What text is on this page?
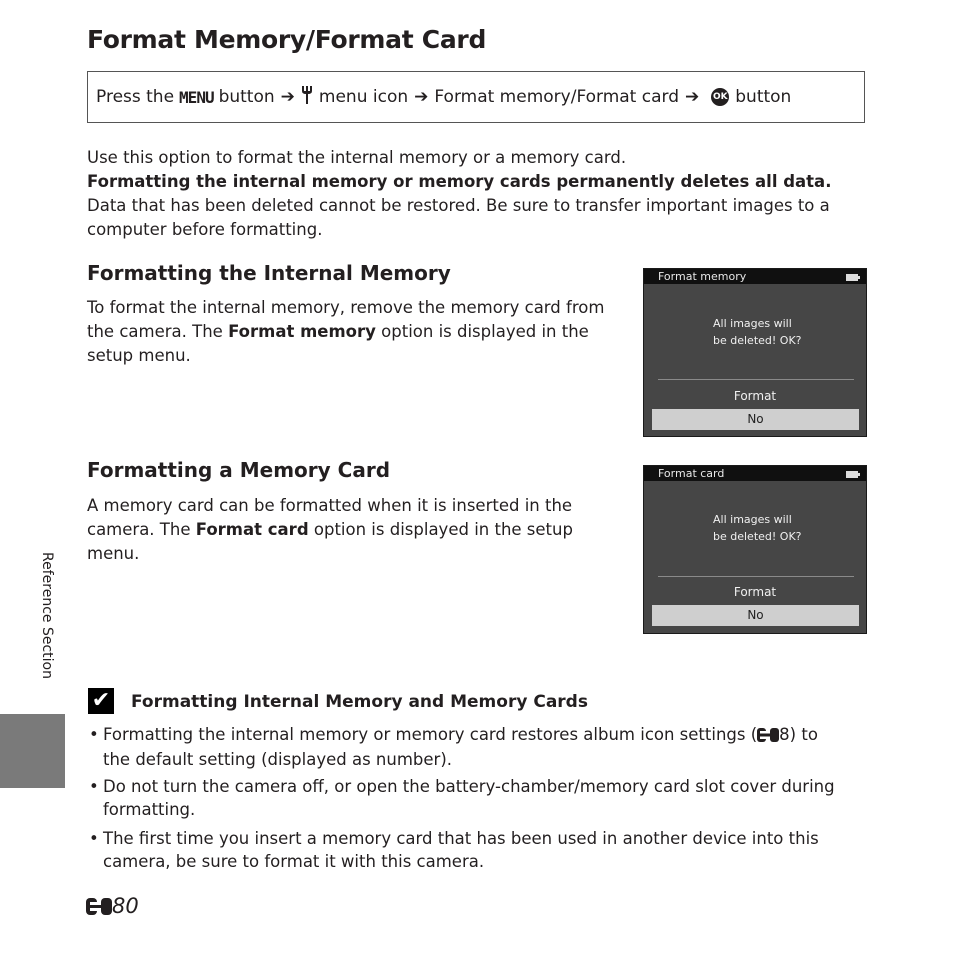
Format Memory/Format Card
Press the MENU button ➔ menu icon ➔ Format memory/Format card ➔ OK button
Use this option to format the internal memory or a memory card.
Formatting the internal memory or memory cards permanently deletes all data.
Data that has been deleted cannot be restored. Be sure to transfer important images to a computer before formatting.
Formatting the Internal Memory
To format the internal memory, remove the memory card from the camera. The Format memory option is displayed in the setup menu.
Format memory
All images will
be deleted! OK?
Format
No
Formatting a Memory Card
A memory card can be formatted when it is inserted in the camera. The Format card option is displayed in the setup menu.
Format card
All images will
be deleted! OK?
Format
No
✔ Formatting Internal Memory and Memory Cards
• Formatting the internal memory or memory card restores album icon settings ( 8) to the default setting (displayed as number).
• Do not turn the camera off, or open the battery-chamber/memory card slot cover during formatting.
• The first time you insert a memory card that has been used in another device into this camera, be sure to format it with this camera.
Reference Section
80
